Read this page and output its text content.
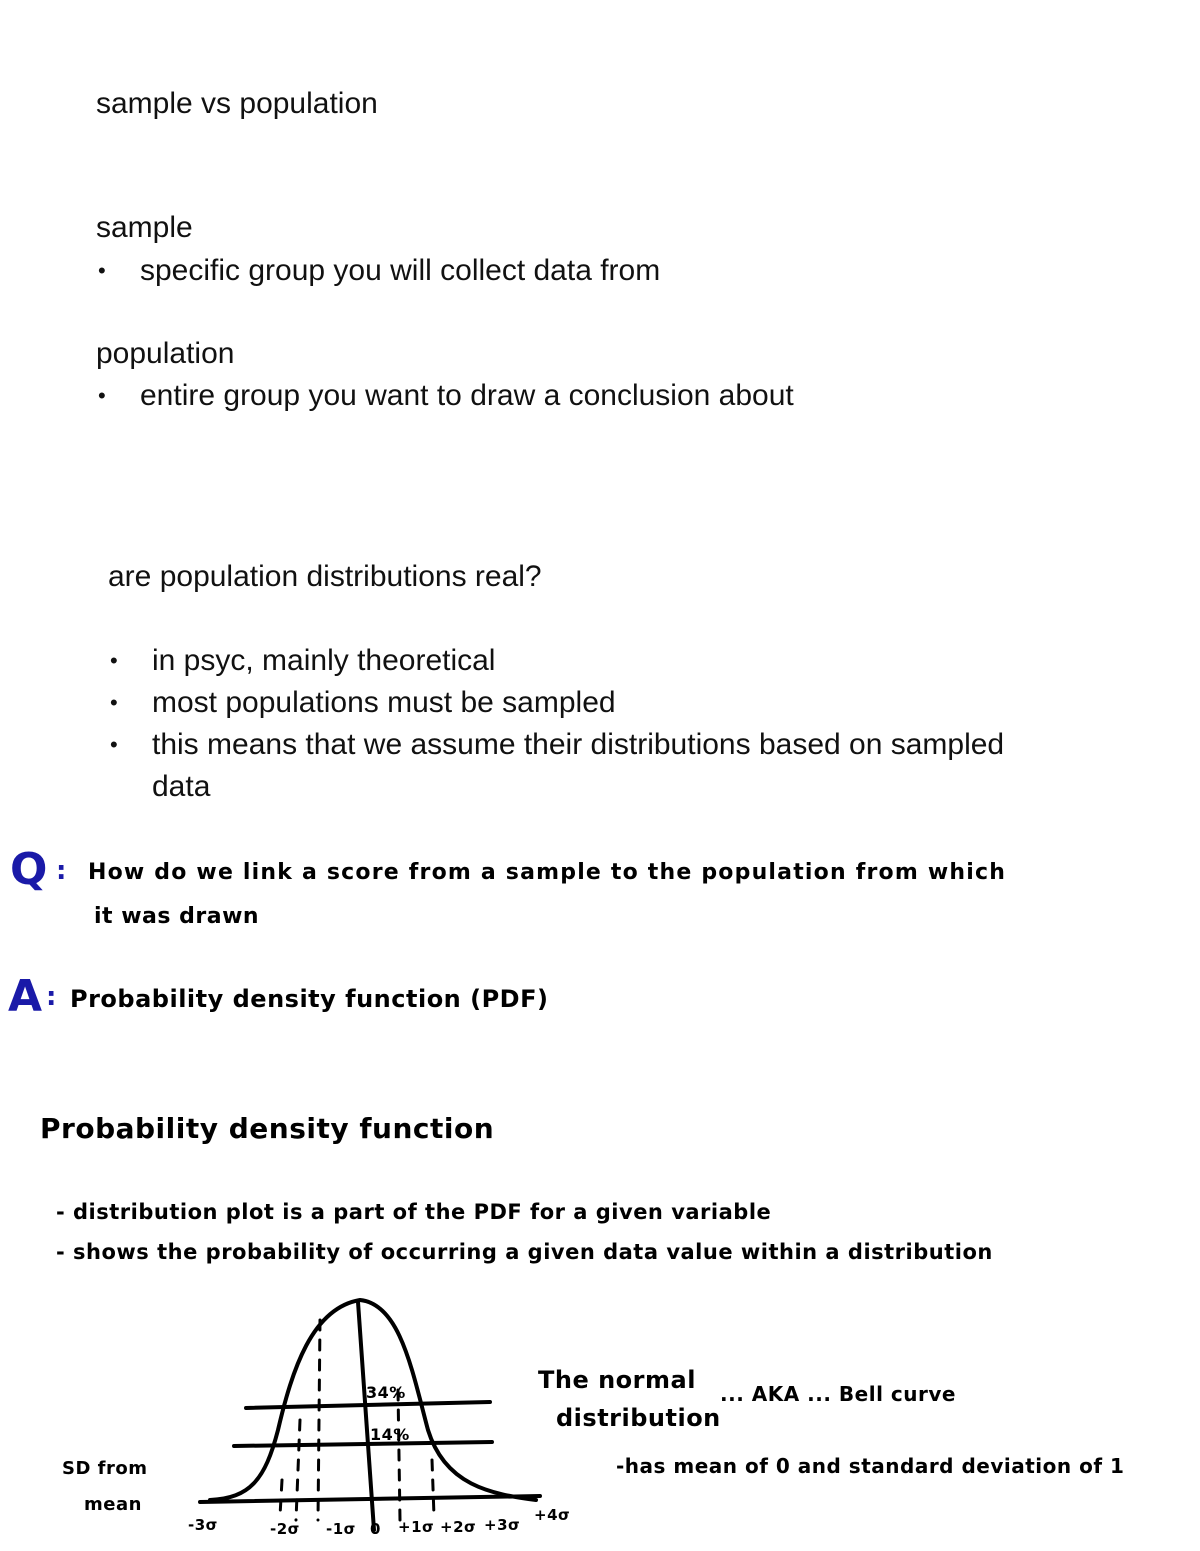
sample vs population

sample

• specific group you will collect data from

population

• entire group you want to draw a conclusion about

are population distributions real?

• in psyc, mainly theoretical
• most populations must be sampled
• this means that we assume their distributions based on sampled
data
Q : How do we link a score from a sample to the population from which
it was drawn
A : Probability density function (PDF)
Probability density function
- distribution plot is a part of the PDF for a given variable
- shows the probability of occurring a given data value within a distribution
34%
14%
The normal
distribution
... AKA ... Bell curve
-has mean of 0 and standard deviation of 1
SD from
mean
-3σ	-2σ -1σ 0 +1σ +2σ +3σ
+4σ
